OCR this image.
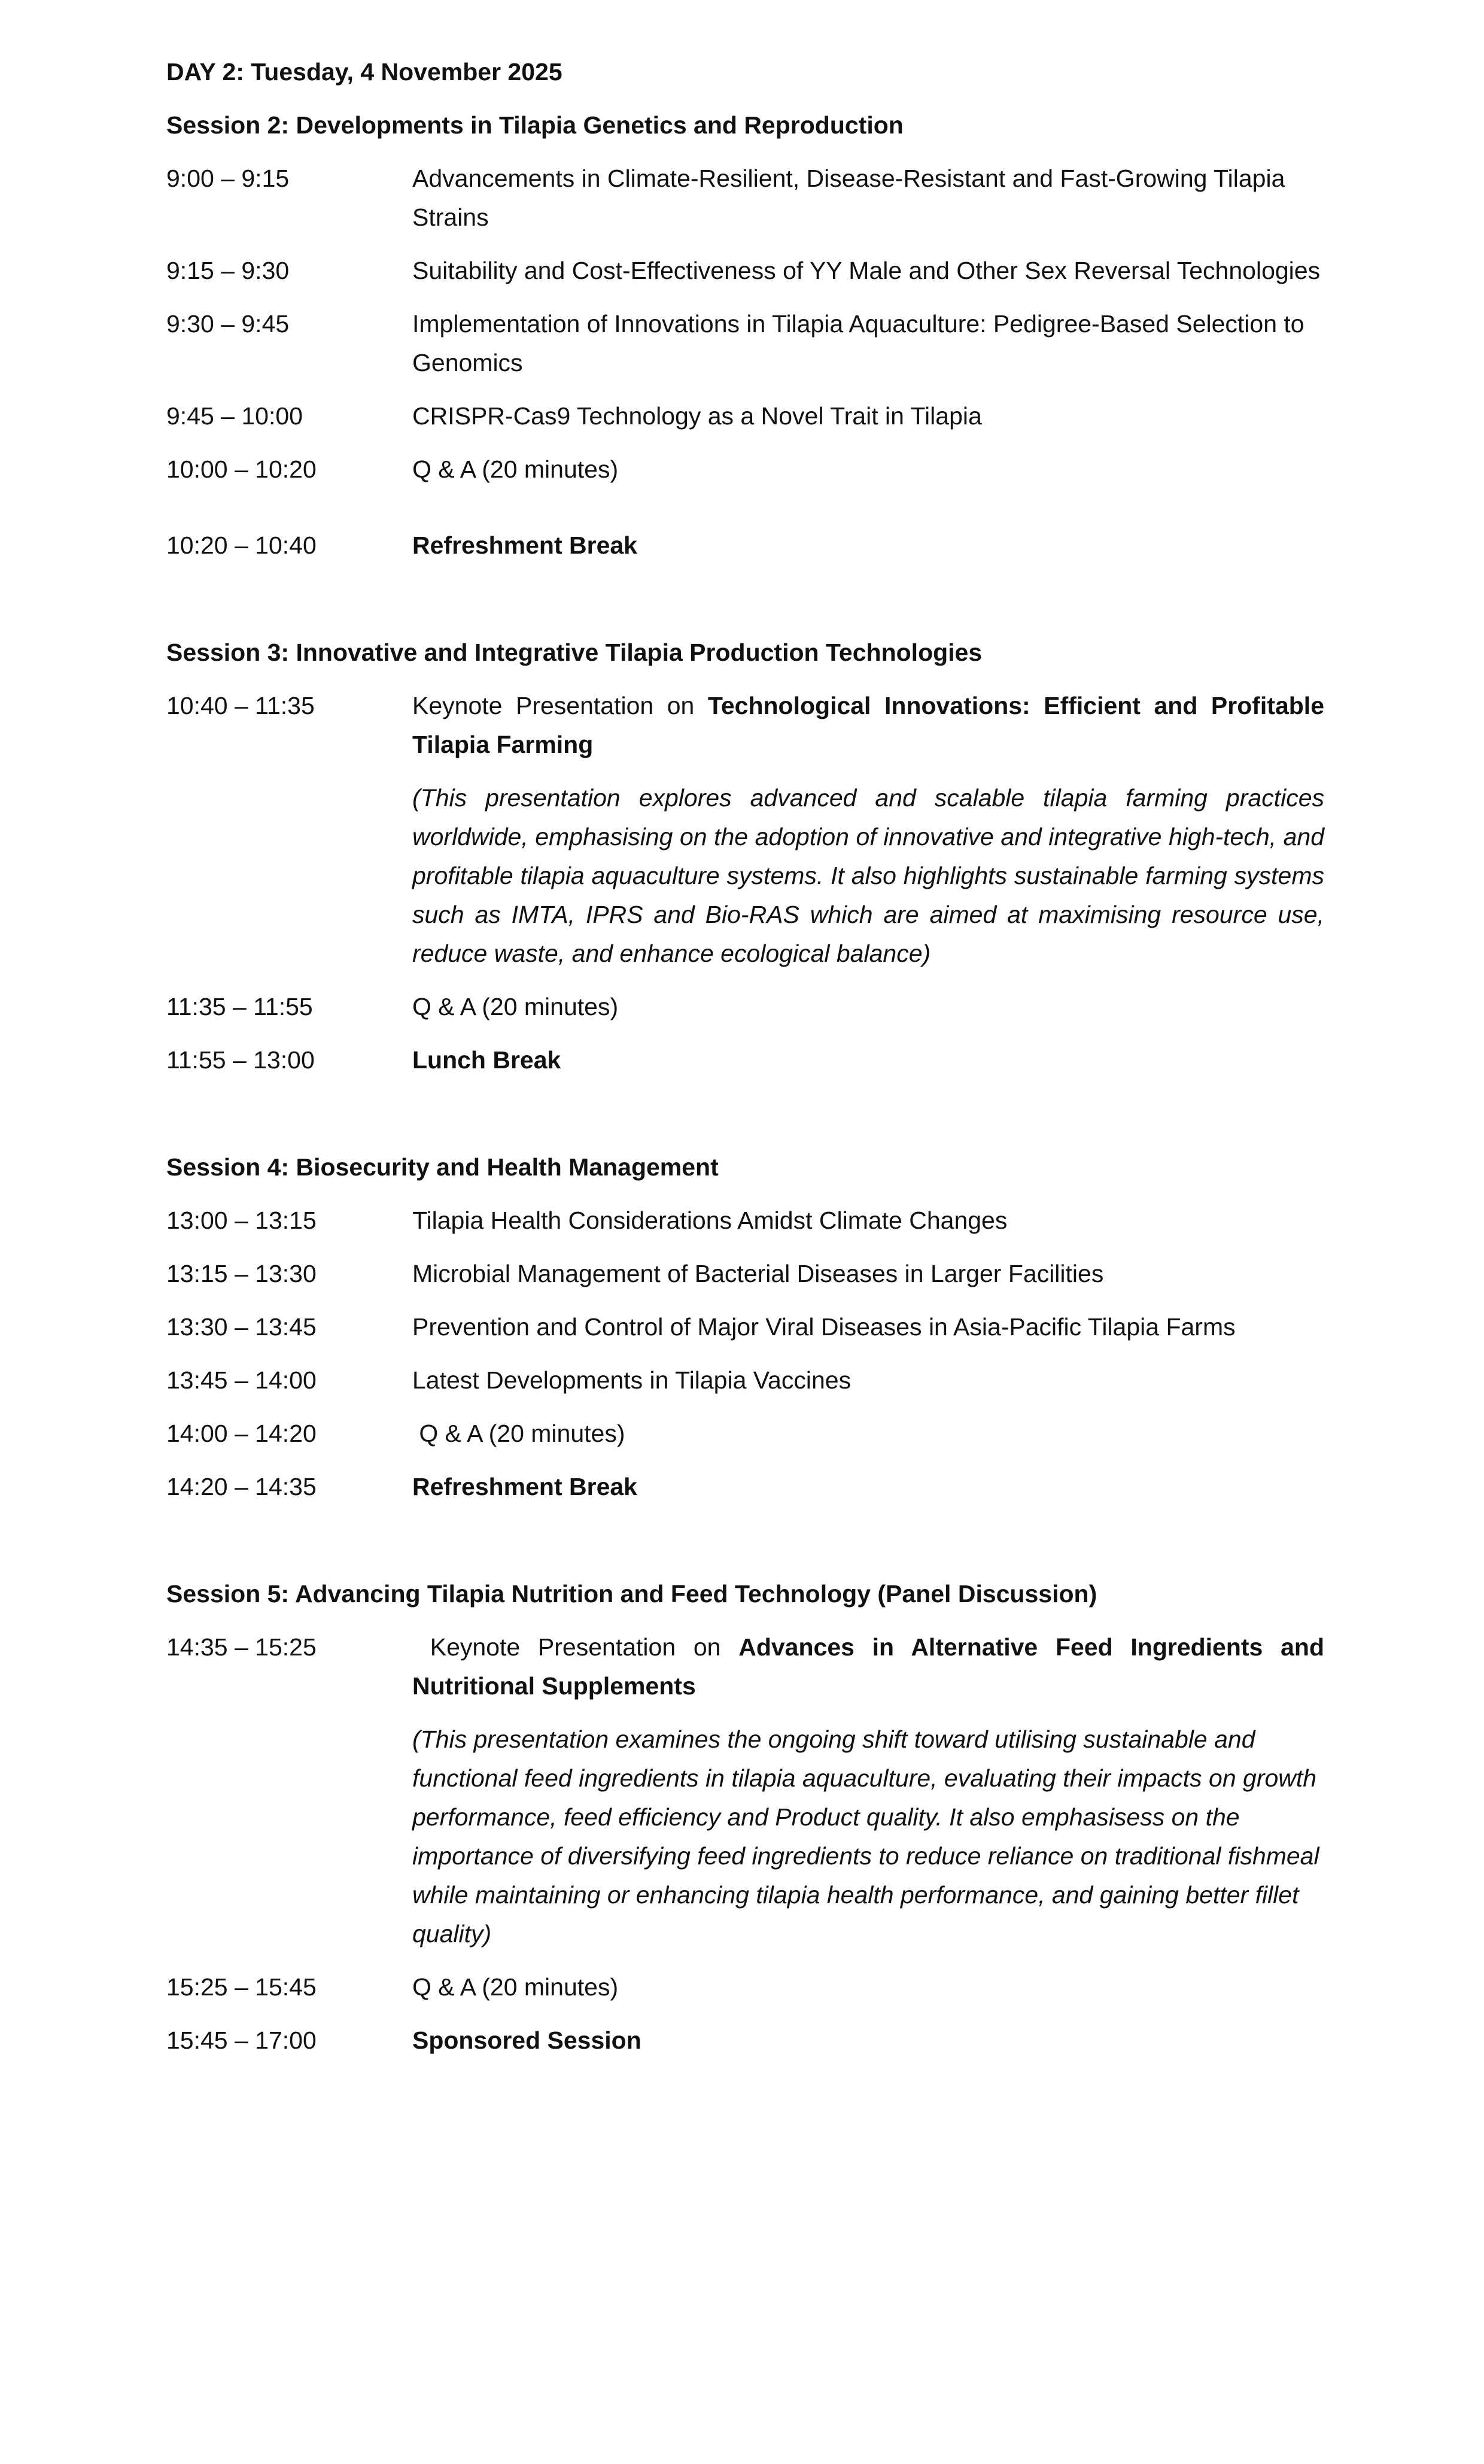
DAY 2: Tuesday, 4 November 2025
Session 2: Developments in Tilapia Genetics and Reproduction
9:00 – 9:15	Advancements in Climate-Resilient, Disease-Resistant and Fast-Growing Tilapia Strains
9:15 – 9:30	Suitability and Cost-Effectiveness of YY Male and Other Sex Reversal Technologies
9:30 – 9:45	Implementation of Innovations in Tilapia Aquaculture: Pedigree-Based Selection to Genomics
9:45 – 10:00	CRISPR-Cas9 Technology as a Novel Trait in Tilapia
10:00 – 10:20	Q & A (20 minutes)
10:20 – 10:40	Refreshment Break
Session 3: Innovative and Integrative Tilapia Production Technologies
10:40 – 11:35	Keynote Presentation on Technological Innovations: Efficient and Profitable Tilapia Farming
(This presentation explores advanced and scalable tilapia farming practices worldwide, emphasising on the adoption of innovative and integrative high-tech, and profitable tilapia aquaculture systems. It also highlights sustainable farming systems such as IMTA, IPRS and Bio-RAS which are aimed at maximising resource use, reduce waste, and enhance ecological balance)
11:35 – 11:55	Q & A (20 minutes)
11:55 – 13:00	Lunch Break
Session 4: Biosecurity and Health Management
13:00 – 13:15	Tilapia Health Considerations Amidst Climate Changes
13:15 – 13:30	Microbial Management of Bacterial Diseases in Larger Facilities
13:30 – 13:45	Prevention and Control of Major Viral Diseases in Asia-Pacific Tilapia Farms
13:45 – 14:00	Latest Developments in Tilapia Vaccines
14:00 – 14:20	Q & A (20 minutes)
14:20 – 14:35	Refreshment Break
Session 5: Advancing Tilapia Nutrition and Feed Technology (Panel Discussion)
14:35 – 15:25	Keynote Presentation on Advances in Alternative Feed Ingredients and Nutritional Supplements
(This presentation examines the ongoing shift toward utilising sustainable and functional feed ingredients in tilapia aquaculture, evaluating their impacts on growth performance, feed efficiency and Product quality. It also emphasisess on the importance of diversifying feed ingredients to reduce reliance on traditional fishmeal while maintaining or enhancing tilapia health performance, and gaining better fillet quality)
15:25 – 15:45	Q & A (20 minutes)
15:45 – 17:00	Sponsored Session
